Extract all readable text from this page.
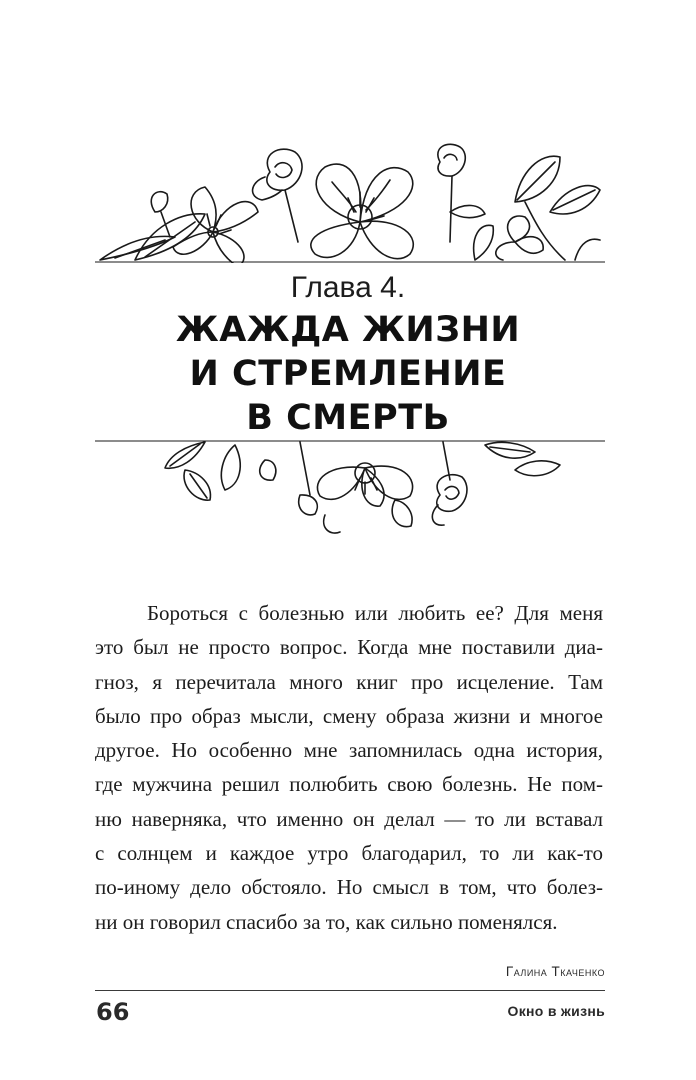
Глава 4.
ЖАЖДА ЖИЗНИ
И СТРЕМЛЕНИЕ
В СМЕРТЬ
Бороться с болезнью или любить ее? Для меня
это был не просто вопрос. Когда мне поставили диа-
гноз, я перечитала много книг про исцеление. Там
было про образ мысли, смену образа жизни и многое
другое. Но особенно мне запомнилась одна история,
где мужчина решил полюбить свою болезнь. Не пом-
ню наверняка, что именно он делал — то ли вставал
с солнцем и каждое утро благодарил, то ли как-то
по-иному дело обстояло. Но смысл в том, что болез-
ни он говорил спасибо за то, как сильно поменялся.
Галина Ткаченко
66	Окно в жизнь
